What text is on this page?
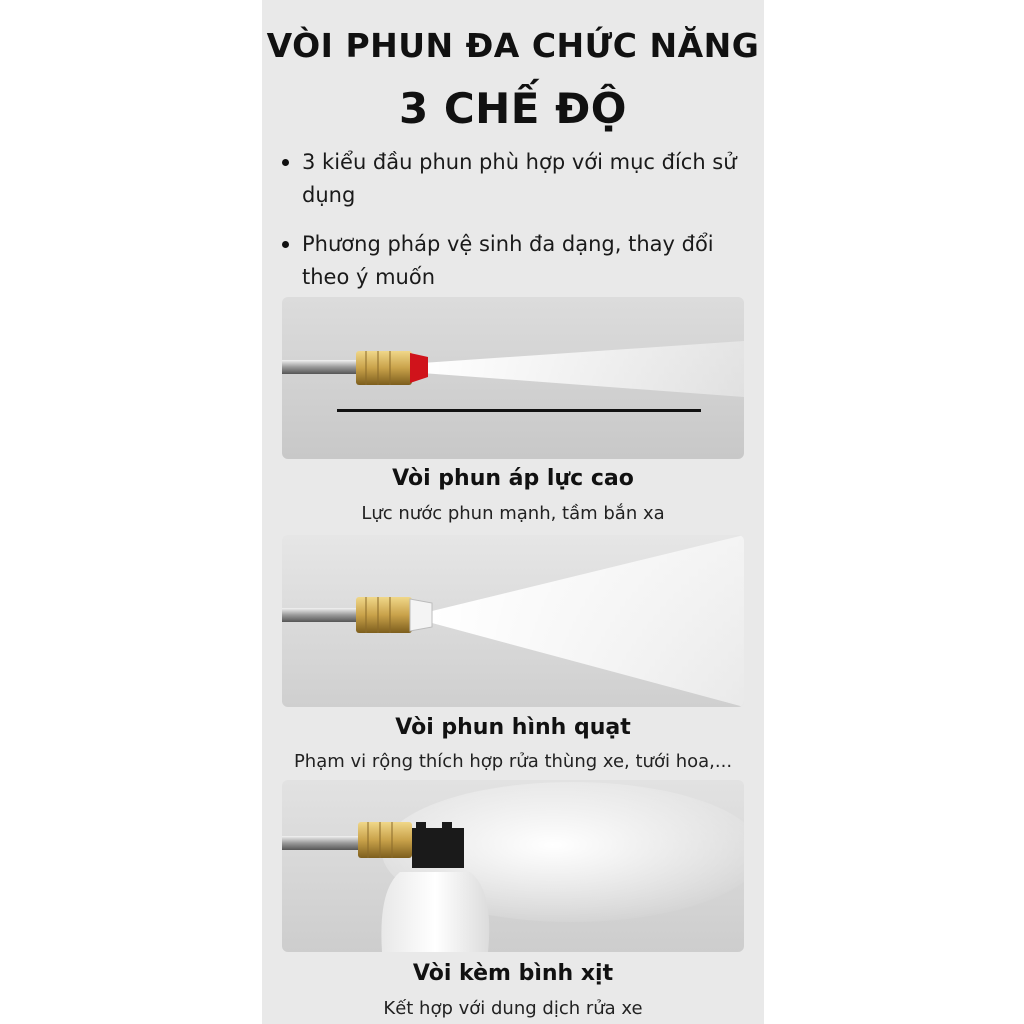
VÒI PHUN ĐA CHỨC NĂNG
3 CHẾ ĐỘ
3 kiểu đầu phun phù hợp với mục đích sử dụng
Phương pháp vệ sinh đa dạng, thay đổi theo ý muốn
Vòi phun áp lực cao
Lực nước phun mạnh, tầm bắn xa
Vòi phun hình quạt
Phạm vi rộng thích hợp rửa thùng xe, tưới hoa,...
Vòi kèm bình xịt
Kết hợp với dung dịch rửa xe
